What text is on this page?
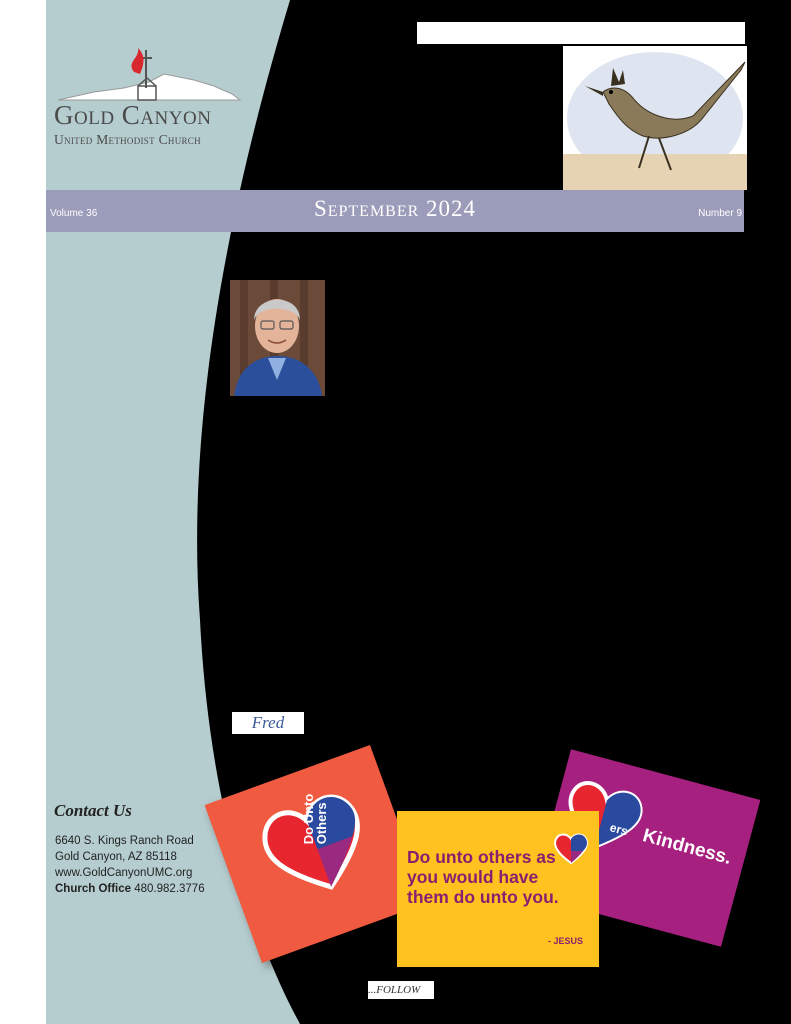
Gold Canyon
United Methodist Church
Volume 36	September 2024	Number 9
Fred
Contact Us
6640 S. Kings Ranch Road
Gold Canyon, AZ 85118
www.GoldCanyonUMC.org
Church Office 480.982.3776
ers Kindness.
Do Unto Others
Do unto others as you would have them do unto you.
- JESUS
...FOLLOW
